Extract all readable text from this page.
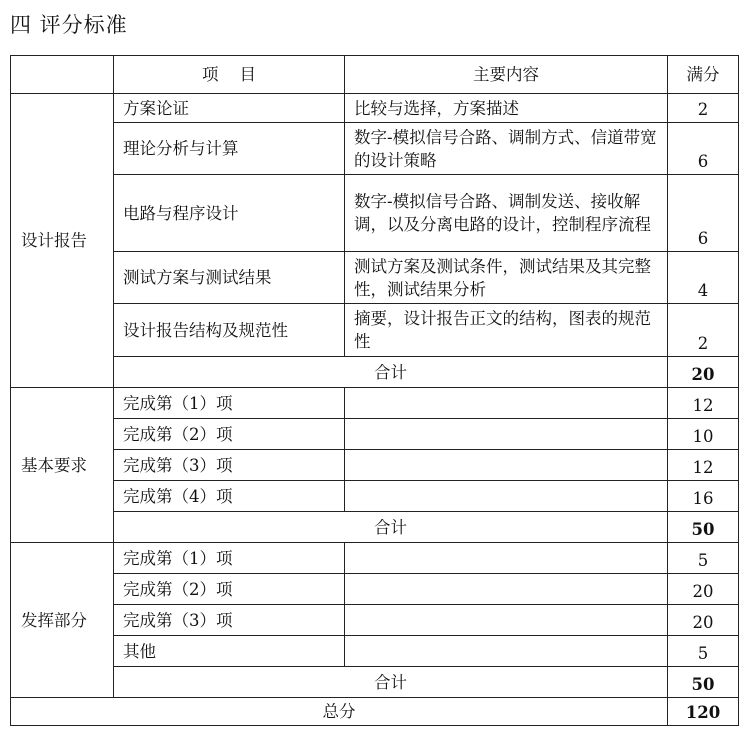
四 评分标准
	项    目	主要内容	满分
设计报告	方案论证	比较与选择，方案描述	2
	理论分析与计算	数字-模拟信号合路、调制方式、信道带宽的设计策略	6
	电路与程序设计	数字-模拟信号合路、调制发送、接收解调，以及分离电路的设计，控制程序流程	6
	测试方案与测试结果	测试方案及测试条件，测试结果及其完整性，测试结果分析	4
	设计报告结构及规范性	摘要，设计报告正文的结构，图表的规范性	2
	合计		20
基本要求	完成第（1）项		12
	完成第（2）项		10
	完成第（3）项		12
	完成第（4）项		16
	合计		50
发挥部分	完成第（1）项		5
	完成第（2）项		20
	完成第（3）项		20
	其他		5
	合计		50
总分			120
